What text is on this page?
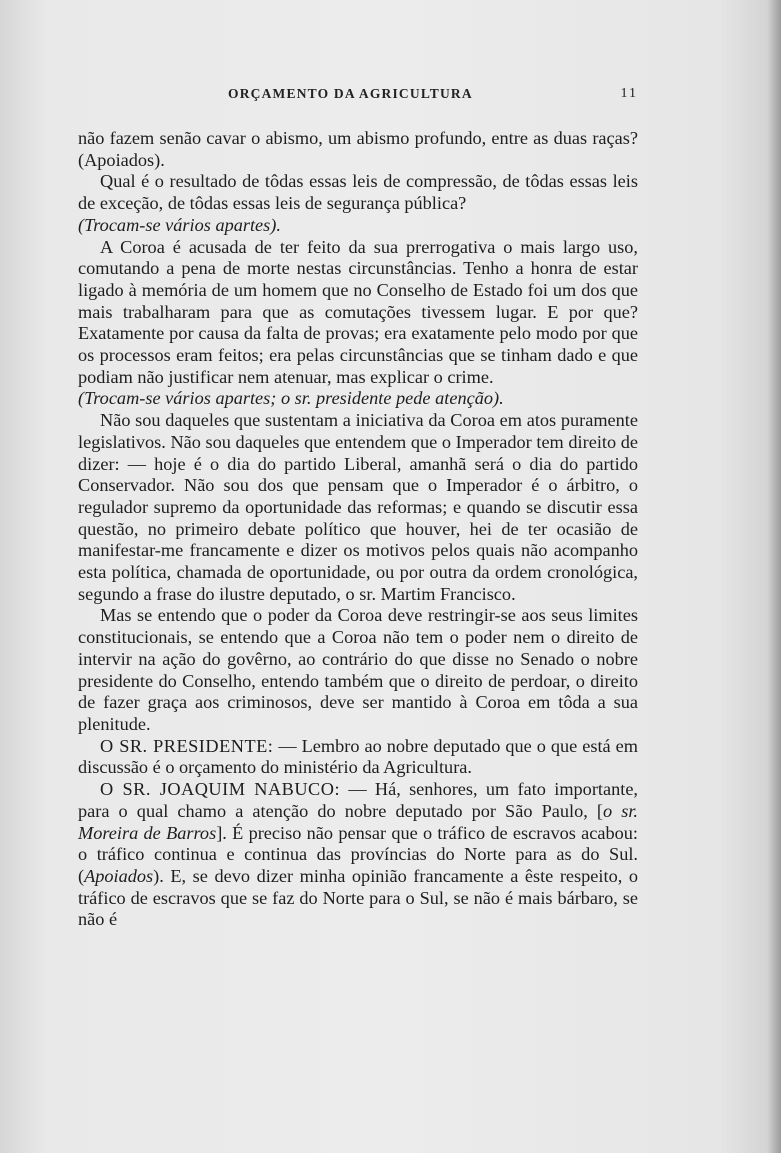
ORÇAMENTO DA AGRICULTURA	11

não fazem senão cavar o abismo, um abismo profundo, entre as duas raças? (Apoiados).

Qual é o resultado de tôdas essas leis de compressão, de tôdas essas leis de exceção, de tôdas essas leis de segurança pública?

(Trocam-se vários apartes).

A Coroa é acusada de ter feito da sua prerrogativa o mais largo uso, comutando a pena de morte nestas circunstâncias. Tenho a honra de estar ligado à memória de um homem que no Conselho de Estado foi um dos que mais trabalharam para que as comutações tivessem lugar. E por que? Exatamente por causa da falta de provas; era exatamente pelo modo por que os processos eram feitos; era pelas circunstâncias que se tinham dado e que podiam não justificar nem atenuar, mas explicar o crime.

(Trocam-se vários apartes; o sr. presidente pede atenção).

Não sou daqueles que sustentam a iniciativa da Coroa em atos puramente legislativos. Não sou daqueles que entendem que o Imperador tem direito de dizer: — hoje é o dia do partido Liberal, amanhã será o dia do partido Conservador. Não sou dos que pensam que o Imperador é o árbitro, o regulador supremo da oportunidade das reformas; e quando se discutir essa questão, no primeiro debate político que houver, hei de ter ocasião de manifestar-me francamente e dizer os motivos pelos quais não acompanho esta política, chamada de oportunidade, ou por outra da ordem cronológica, segundo a frase do ilustre deputado, o sr. Martim Francisco.

Mas se entendo que o poder da Coroa deve restringir-se aos seus limites constitucionais, se entendo que a Coroa não tem o poder nem o direito de intervir na ação do govêrno, ao contrário do que disse no Senado o nobre presidente do Conselho, entendo também que o direito de perdoar, o direito de fazer graça aos criminosos, deve ser mantido à Coroa em tôda a sua plenitude.

O SR. PRESIDENTE: — Lembro ao nobre deputado que o que está em discussão é o orçamento do ministério da Agricultura.

O SR. JOAQUIM NABUCO: — Há, senhores, um fato importante, para o qual chamo a atenção do nobre deputado por São Paulo, [o sr. Moreira de Barros]. É preciso não pensar que o tráfico de escravos acabou: o tráfico continua e continua das províncias do Norte para as do Sul. (Apoiados). E, se devo dizer minha opinião francamente a êste respeito, o tráfico de escravos que se faz do Norte para o Sul, se não é mais bárbaro, se não é
